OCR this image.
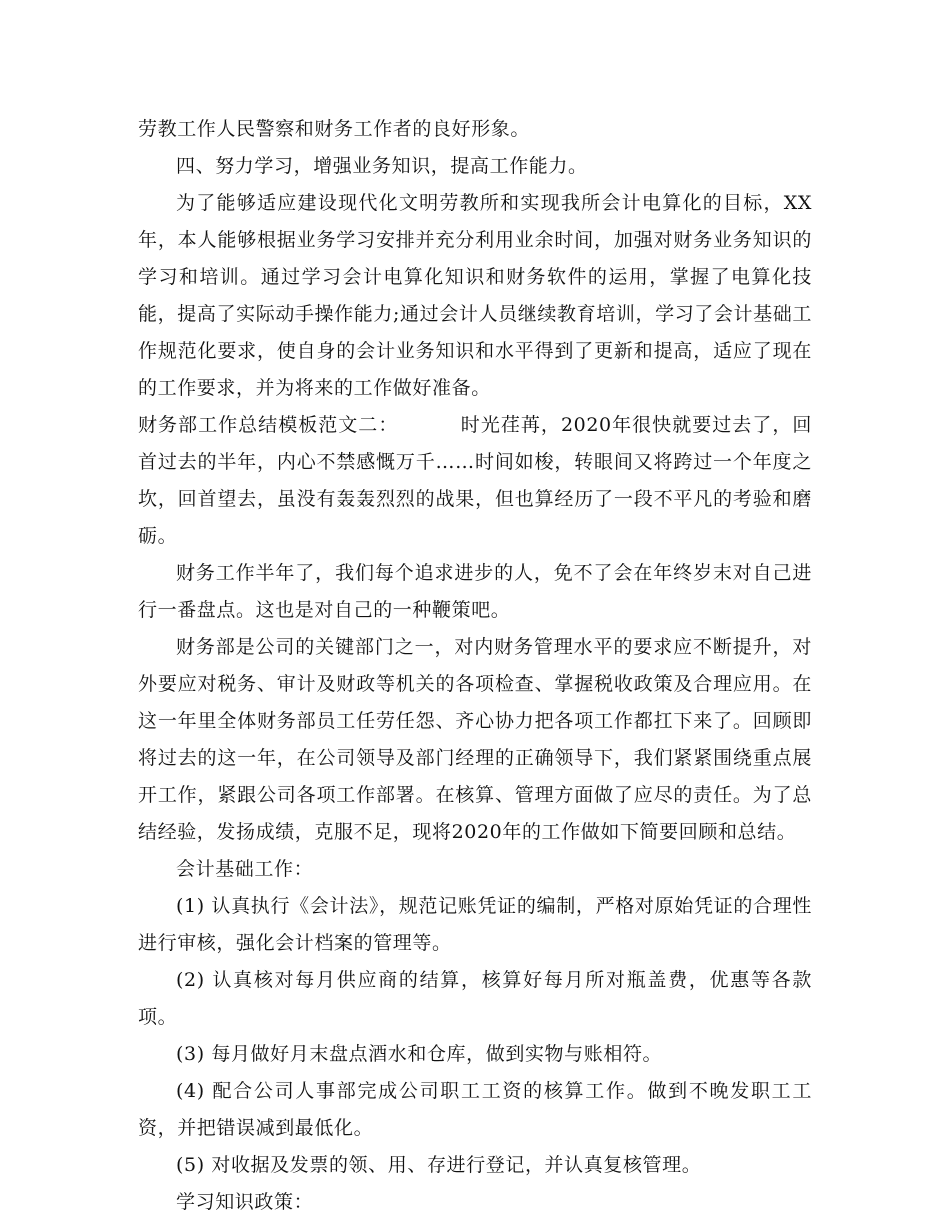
劳教工作人民警察和财务工作者的良好形象。

四、努力学习，增强业务知识，提高工作能力。

为了能够适应建设现代化文明劳教所和实现我所会计电算化的目标，XX年，本人能够根据业务学习安排并充分利用业余时间，加强对财务业务知识的学习和培训。通过学习会计电算化知识和财务软件的运用，掌握了电算化技能，提高了实际动手操作能力;通过会计人员继续教育培训，学习了会计基础工作规范化要求，使自身的会计业务知识和水平得到了更新和提高，适应了现在的工作要求，并为将来的工作做好准备。

财务部工作总结模板范文二：	时光荏苒，2020年很快就要过去了，回首过去的半年，内心不禁感慨万千……时间如梭，转眼间又将跨过一个年度之坎，回首望去，虽没有轰轰烈烈的战果，但也算经历了一段不平凡的考验和磨砺。

财务工作半年了，我们每个追求进步的人，免不了会在年终岁末对自己进行一番盘点。这也是对自己的一种鞭策吧。

财务部是公司的关键部门之一，对内财务管理水平的要求应不断提升，对外要应对税务、审计及财政等机关的各项检查、掌握税收政策及合理应用。在这一年里全体财务部员工任劳任怨、齐心协力把各项工作都扛下来了。回顾即将过去的这一年，在公司领导及部门经理的正确领导下，我们紧紧围绕重点展开工作，紧跟公司各项工作部署。在核算、管理方面做了应尽的责任。为了总结经验，发扬成绩，克服不足，现将2020年的工作做如下简要回顾和总结。

会计基础工作：

(1) 认真执行《会计法》，规范记账凭证的编制，严格对原始凭证的合理性进行审核，强化会计档案的管理等。

(2) 认真核对每月供应商的结算，核算好每月所对瓶盖费，优惠等各款项。

(3) 每月做好月末盘点酒水和仓库，做到实物与账相符。

(4) 配合公司人事部完成公司职工工资的核算工作。做到不晚发职工工资，并把错误减到最低化。

(5) 对收据及发票的领、用、存进行登记，并认真复核管理。

学习知识政策：
